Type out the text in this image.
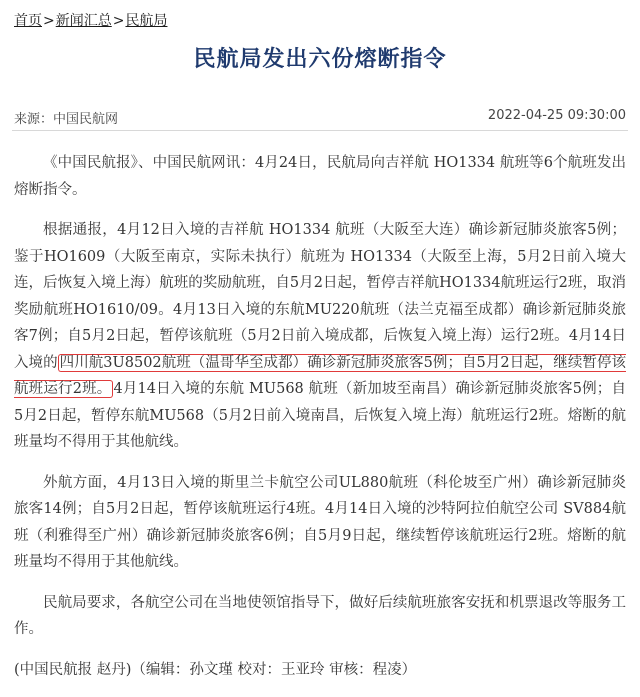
首页>新闻汇总>民航局
民航局发出六份熔断指令
来源：中国民航网	2022-04-25 09:30:00

《中国民航报》、中国民航网讯：4月24日，民航局向吉祥航 HO1334 航班等6个航班发出熔断指令。

根据通报，4月12日入境的吉祥航 HO1334 航班（大阪至大连）确诊新冠肺炎旅客5例；鉴于HO1609（大阪至南京，实际未执行）航班为 HO1334（大阪至上海，5月2日前入境大连，后恢复入境上海）航班的奖励航班，自5月2日起，暂停吉祥航HO1334航班运行2班，取消奖励航班HO1610/09。4月13日入境的东航MU220航班（法兰克福至成都）确诊新冠肺炎旅客7例；自5月2日起，暂停该航班（5月2日前入境成都，后恢复入境上海）运行2班。4月14日入境的 四川航3U8502航班（温哥华至成都）确诊新冠肺炎旅客5例；自5月2日起，继续暂停该航班运行2班。 4月14日入境的东航 MU568 航班（新加坡至南昌）确诊新冠肺炎旅客5例；自5月2日起，暂停东航MU568（5月2日前入境南昌，后恢复入境上海）航班运行2班。熔断的航班量均不得用于其他航线。

外航方面，4月13日入境的斯里兰卡航空公司UL880航班（科伦坡至广州）确诊新冠肺炎旅客14例；自5月2日起，暂停该航班运行4班。4月14日入境的沙特阿拉伯航空公司 SV884航班（利雅得至广州）确诊新冠肺炎旅客6例；自5月9日起，继续暂停该航班运行2班。熔断的航班量均不得用于其他航线。

民航局要求，各航空公司在当地使领馆指导下，做好后续航班旅客安抚和机票退改等服务工作。

(中国民航报 赵丹)（编辑：孙文瑾 校对：王亚玲 审核：程凌）
